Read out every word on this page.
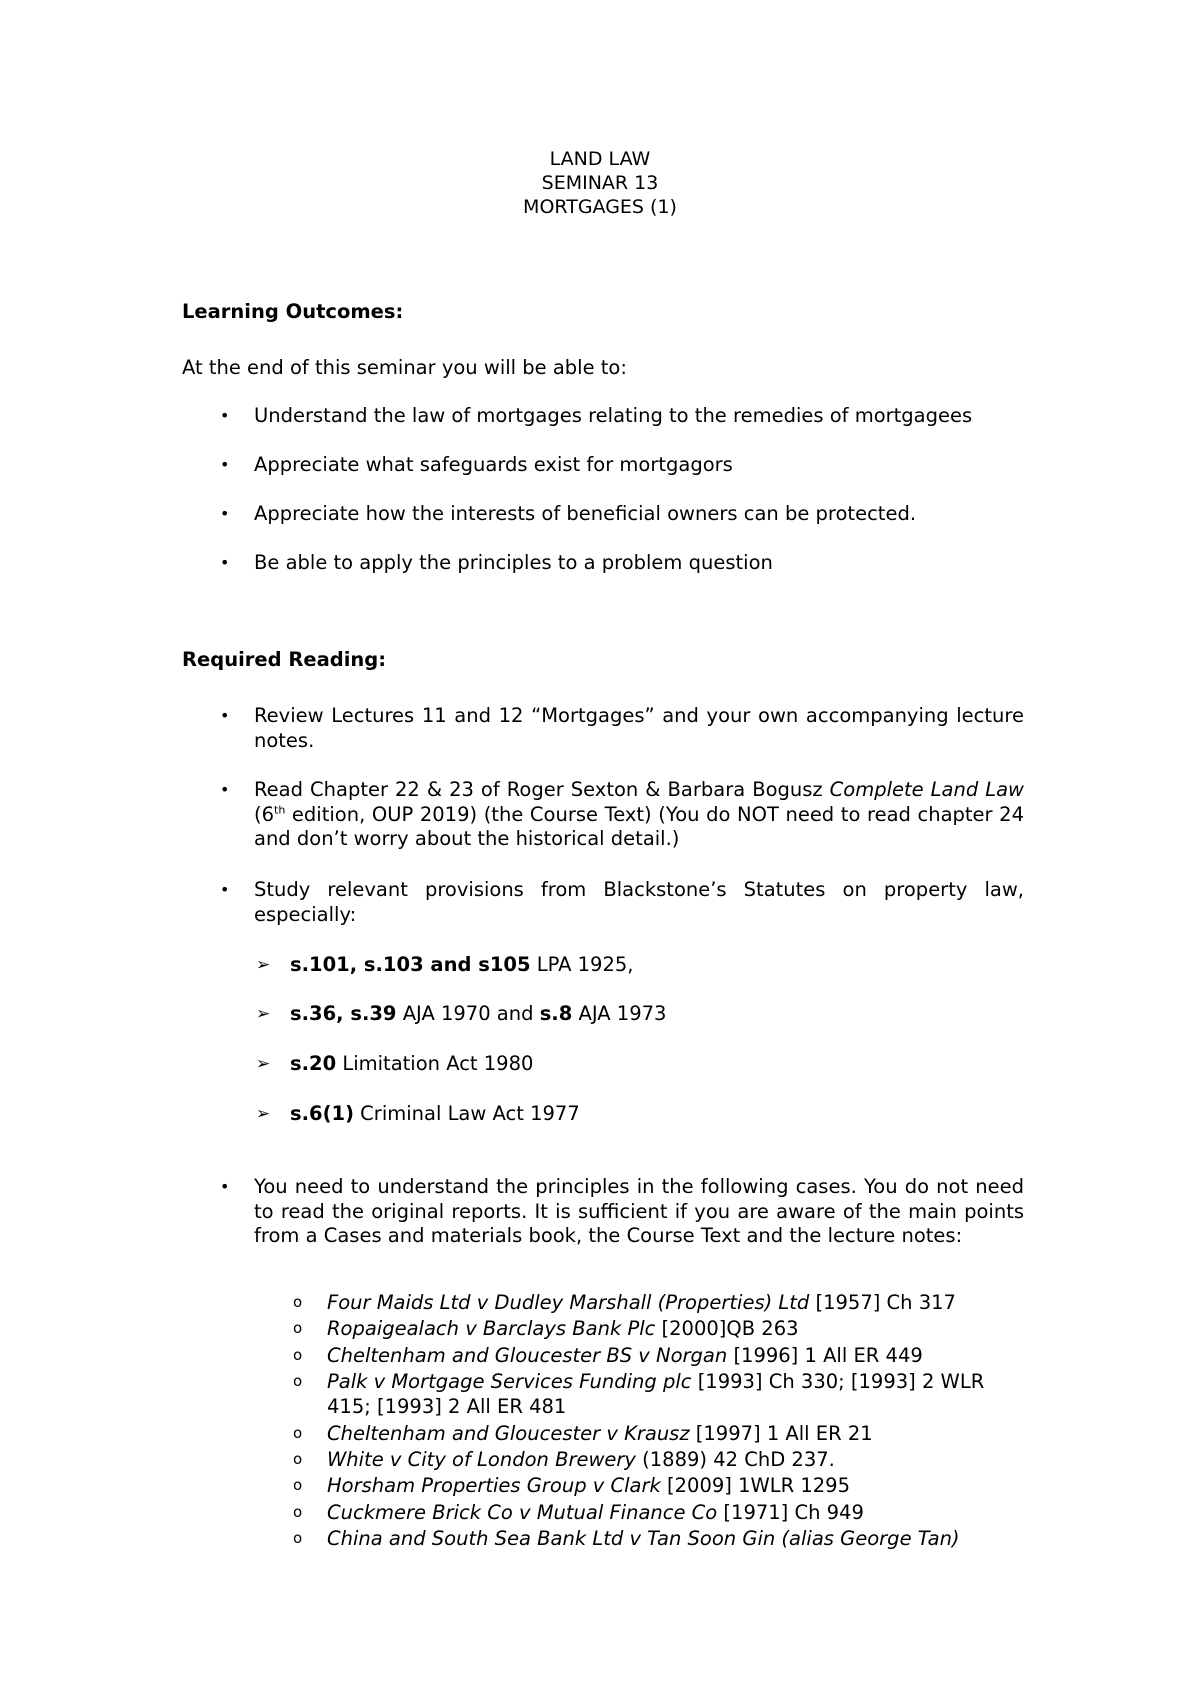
LAND LAW
SEMINAR 13
MORTGAGES (1)
Learning Outcomes:
At the end of this seminar you will be able to:
• Understand the law of mortgages relating to the remedies of mortgagees
• Appreciate what safeguards exist for mortgagors
• Appreciate how the interests of beneficial owners can be protected.
• Be able to apply the principles to a problem question
Required Reading:
• Review Lectures 11 and 12 “Mortgages” and your own accompanying lecture notes.
• Read Chapter 22 & 23 of Roger Sexton & Barbara Bogusz Complete Land Law (6th edition, OUP 2019) (the Course Text) (You do NOT need to read chapter 24 and don’t worry about the historical detail.)
• Study relevant provisions from Blackstone’s Statutes on property law, especially:
➢ s.101, s.103 and s105 LPA 1925,
➢ s.36, s.39 AJA 1970 and s.8 AJA 1973
➢ s.20 Limitation Act 1980
➢ s.6(1) Criminal Law Act 1977
• You need to understand the principles in the following cases. You do not need to read the original reports. It is sufficient if you are aware of the main points from a Cases and materials book, the Course Text and the lecture notes:
o Four Maids Ltd v Dudley Marshall (Properties) Ltd [1957] Ch 317
o Ropaigealach v Barclays Bank Plc [2000]QB 263
o Cheltenham and Gloucester BS v Norgan [1996] 1 All ER 449
o Palk v Mortgage Services Funding plc [1993] Ch 330; [1993] 2 WLR 415; [1993] 2 All ER 481
o Cheltenham and Gloucester v Krausz [1997] 1 All ER 21
o White v City of London Brewery (1889) 42 ChD 237.
o Horsham Properties Group v Clark [2009] 1WLR 1295
o Cuckmere Brick Co v Mutual Finance Co [1971] Ch 949
o China and South Sea Bank Ltd v Tan Soon Gin (alias George Tan)
